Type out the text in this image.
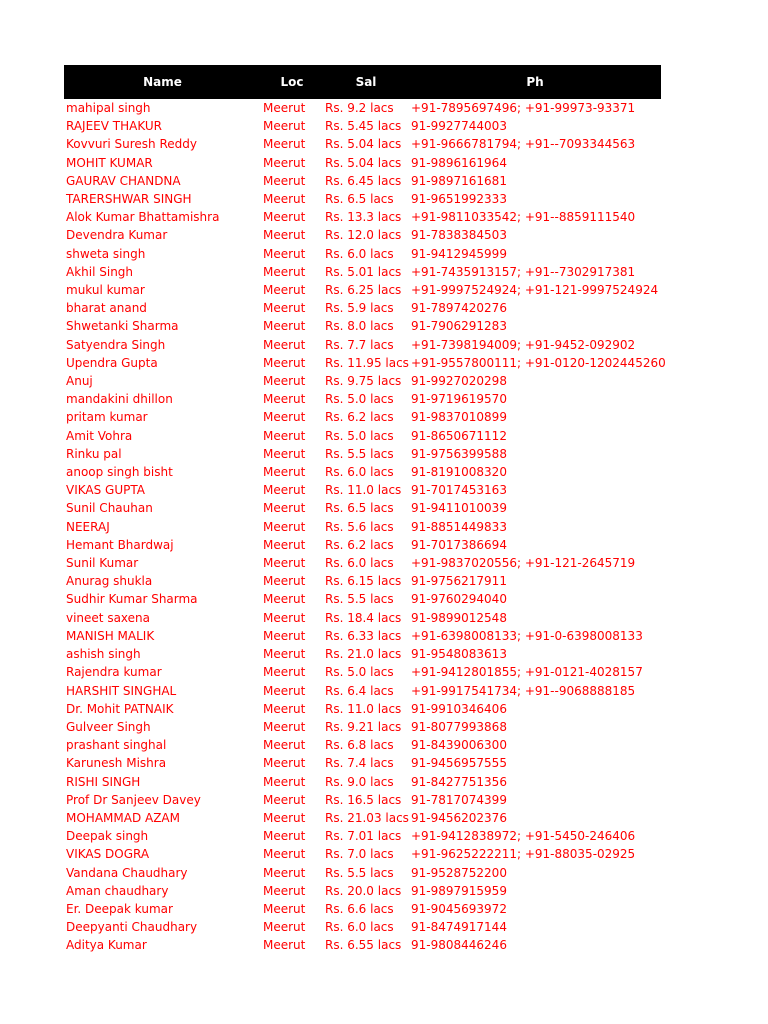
Name	Loc	Sal	Ph
mahipal singh	Meerut	Rs. 9.2 lacs	+91-7895697496; +91-99973-93371
RAJEEV THAKUR	Meerut	Rs. 5.45 lacs	91-9927744003
Kovvuri Suresh Reddy	Meerut	Rs. 5.04 lacs	+91-9666781794; +91--7093344563
MOHIT KUMAR	Meerut	Rs. 5.04 lacs	91-9896161964
GAURAV CHANDNA	Meerut	Rs. 6.45 lacs	91-9897161681
TARERSHWAR SINGH	Meerut	Rs. 6.5 lacs	91-9651992333
Alok Kumar Bhattamishra	Meerut	Rs. 13.3 lacs	+91-9811033542; +91--8859111540
Devendra Kumar	Meerut	Rs. 12.0 lacs	91-7838384503
shweta singh	Meerut	Rs. 6.0 lacs	91-9412945999
Akhil Singh	Meerut	Rs. 5.01 lacs	+91-7435913157; +91--7302917381
mukul kumar	Meerut	Rs. 6.25 lacs	+91-9997524924; +91-121-9997524924
bharat anand	Meerut	Rs. 5.9 lacs	91-7897420276
Shwetanki Sharma	Meerut	Rs. 8.0 lacs	91-7906291283
Satyendra Singh	Meerut	Rs. 7.7 lacs	+91-7398194009; +91-9452-092902
Upendra Gupta	Meerut	Rs. 11.95 lacs	+91-9557800111; +91-0120-1202445260
Anuj	Meerut	Rs. 9.75 lacs	91-9927020298
mandakini dhillon	Meerut	Rs. 5.0 lacs	91-9719619570
pritam kumar	Meerut	Rs. 6.2 lacs	91-9837010899
Amit Vohra	Meerut	Rs. 5.0 lacs	91-8650671112
Rinku pal	Meerut	Rs. 5.5 lacs	91-9756399588
anoop singh bisht	Meerut	Rs. 6.0 lacs	91-8191008320
VIKAS GUPTA	Meerut	Rs. 11.0 lacs	91-7017453163
Sunil Chauhan	Meerut	Rs. 6.5 lacs	91-9411010039
NEERAJ	Meerut	Rs. 5.6 lacs	91-8851449833
Hemant Bhardwaj	Meerut	Rs. 6.2 lacs	91-7017386694
Sunil Kumar	Meerut	Rs. 6.0 lacs	+91-9837020556; +91-121-2645719
Anurag shukla	Meerut	Rs. 6.15 lacs	91-9756217911
Sudhir Kumar Sharma	Meerut	Rs. 5.5 lacs	91-9760294040
vineet saxena	Meerut	Rs. 18.4 lacs	91-9899012548
MANISH MALIK	Meerut	Rs. 6.33 lacs	+91-6398008133; +91-0-6398008133
ashish singh	Meerut	Rs. 21.0 lacs	91-9548083613
Rajendra kumar	Meerut	Rs. 5.0 lacs	+91-9412801855; +91-0121-4028157
HARSHIT SINGHAL	Meerut	Rs. 6.4 lacs	+91-9917541734; +91--9068888185
Dr. Mohit PATNAIK	Meerut	Rs. 11.0 lacs	91-9910346406
Gulveer Singh	Meerut	Rs. 9.21 lacs	91-8077993868
prashant singhal	Meerut	Rs. 6.8 lacs	91-8439006300
Karunesh Mishra	Meerut	Rs. 7.4 lacs	91-9456957555
RISHI SINGH	Meerut	Rs. 9.0 lacs	91-8427751356
Prof Dr Sanjeev Davey	Meerut	Rs. 16.5 lacs	91-7817074399
MOHAMMAD AZAM	Meerut	Rs. 21.03 lacs	91-9456202376
Deepak singh	Meerut	Rs. 7.01 lacs	+91-9412838972; +91-5450-246406
VIKAS DOGRA	Meerut	Rs. 7.0 lacs	+91-9625222211; +91-88035-02925
Vandana Chaudhary	Meerut	Rs. 5.5 lacs	91-9528752200
Aman chaudhary	Meerut	Rs. 20.0 lacs	91-9897915959
Er. Deepak kumar	Meerut	Rs. 6.6 lacs	91-9045693972
Deepyanti Chaudhary	Meerut	Rs. 6.0 lacs	91-8474917144
Aditya Kumar	Meerut	Rs. 6.55 lacs	91-9808446246
